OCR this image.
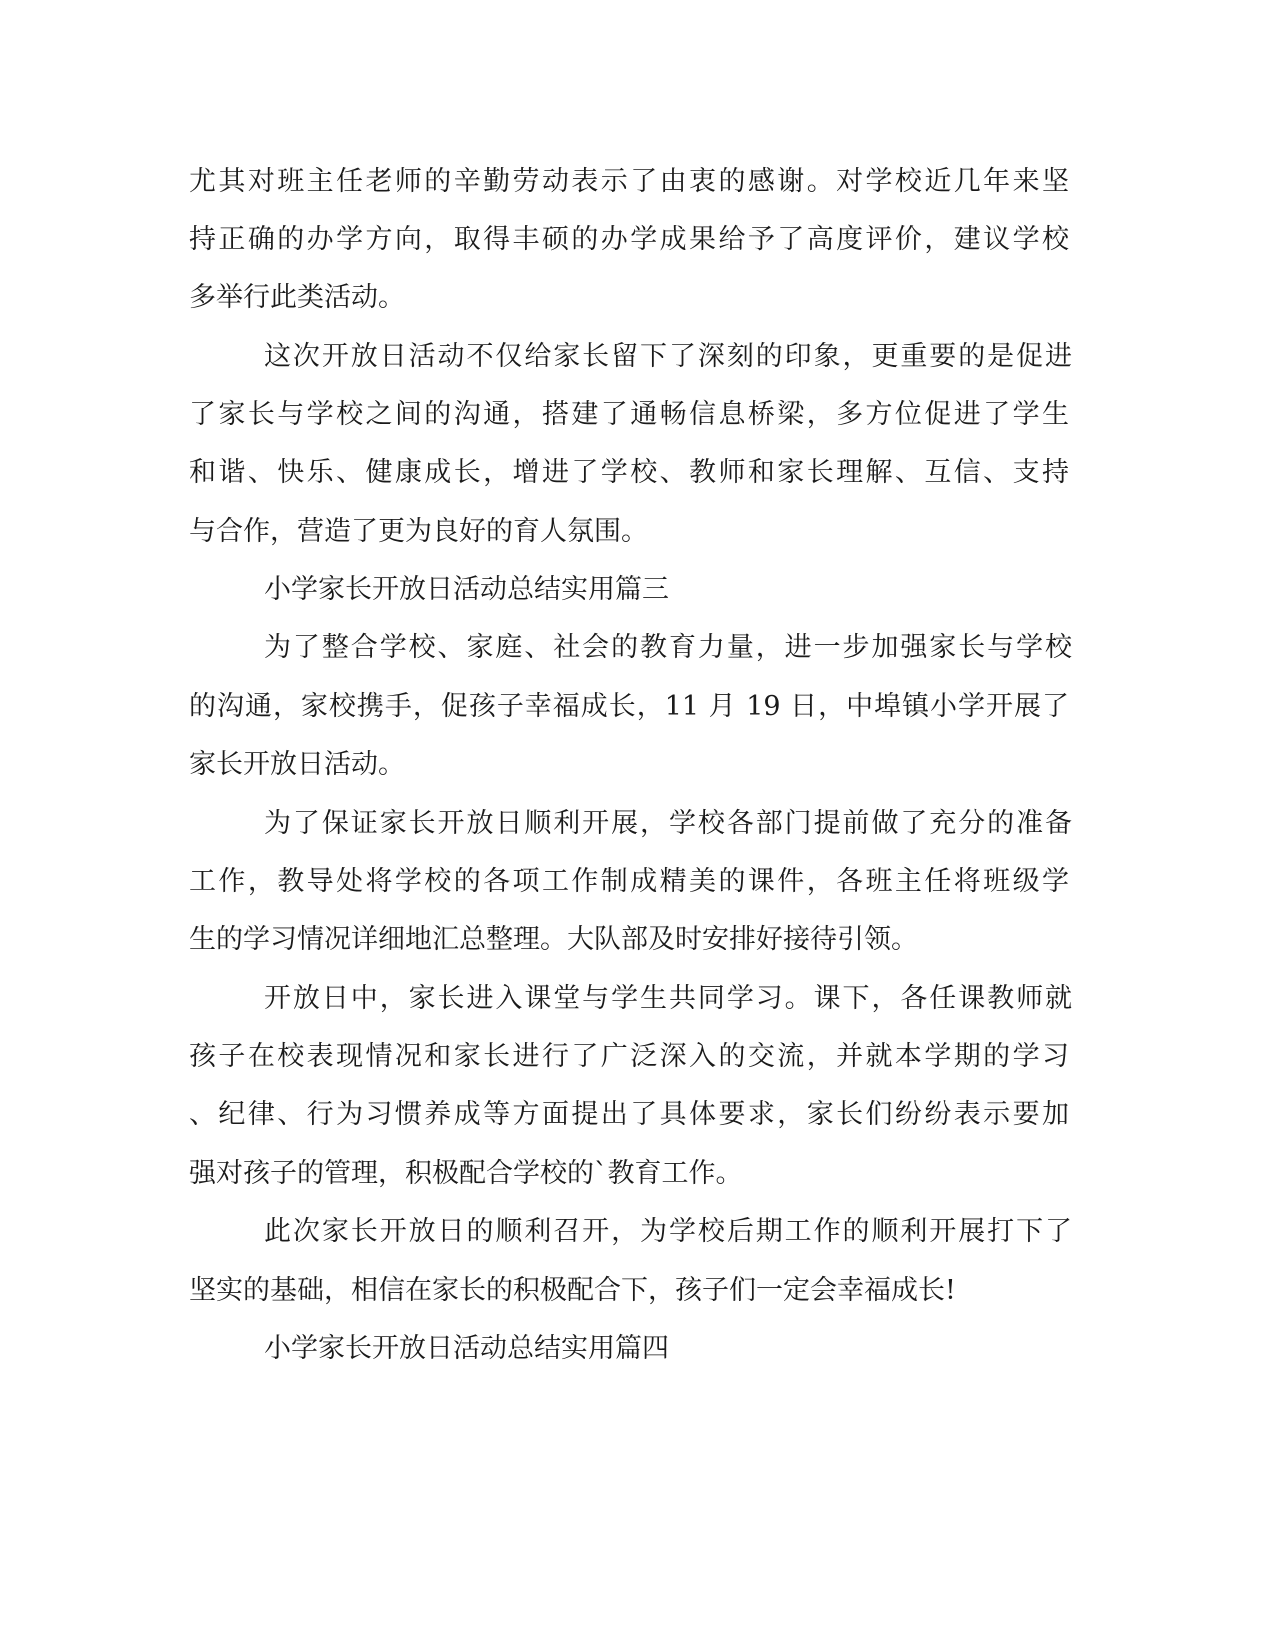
尤其对班主任老师的辛勤劳动表示了由衷的感谢。对学校近几年来坚
持正确的办学方向，取得丰硕的办学成果给予了高度评价，建议学校
多举行此类活动。
这次开放日活动不仅给家长留下了深刻的印象，更重要的是促进
了家长与学校之间的沟通，搭建了通畅信息桥梁，多方位促进了学生
和谐、快乐、健康成长，增进了学校、教师和家长理解、互信、支持
与合作，营造了更为良好的育人氛围。
小学家长开放日活动总结实用篇三
为了整合学校、家庭、社会的教育力量，进一步加强家长与学校
的沟通，家校携手，促孩子幸福成长，11 月 19 日，中埠镇小学开展了
家长开放日活动。
为了保证家长开放日顺利开展，学校各部门提前做了充分的准备
工作，教导处将学校的各项工作制成精美的课件，各班主任将班级学
生的学习情况详细地汇总整理。大队部及时安排好接待引领。
开放日中，家长进入课堂与学生共同学习。课下，各任课教师就
孩子在校表现情况和家长进行了广泛深入的交流，并就本学期的学习
、纪律、行为习惯养成等方面提出了具体要求，家长们纷纷表示要加
强对孩子的管理，积极配合学校的`教育工作。
此次家长开放日的顺利召开，为学校后期工作的顺利开展打下了
坚实的基础，相信在家长的积极配合下，孩子们一定会幸福成长!
小学家长开放日活动总结实用篇四
